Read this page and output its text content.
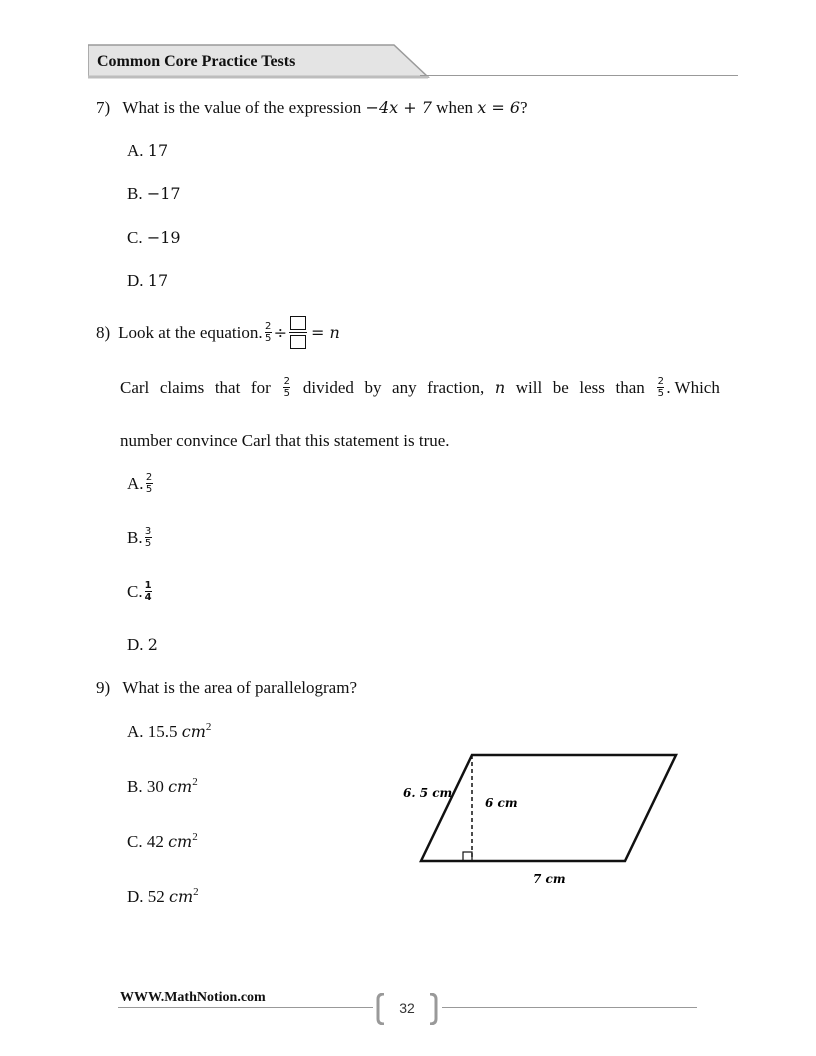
Common Core Practice Tests
7) What is the value of the expression −4x + 7 when x = 6?
A. 17
B. −17
C. −19
D. 17
8) Look at the equation. $\frac{2}{5}$ ÷ = n
Carl claims that for $\frac{2}{5}$ divided by any fraction, n will be less than $\frac{2}{5}$ . Which
number convince Carl that this statement is true.
A. $\frac{2}{5}$
B. $\frac{3}{5}$
C. $\frac{1}{4}$
D. 2
9) What is the area of parallelogram?
A. 15.5 $cm^2$
B. 30 $cm^2$
C. 42 $cm^2$
D. 52 $cm^2$
6. 5 cm
6 cm
7 cm
WWW.MathNotion.com
32
